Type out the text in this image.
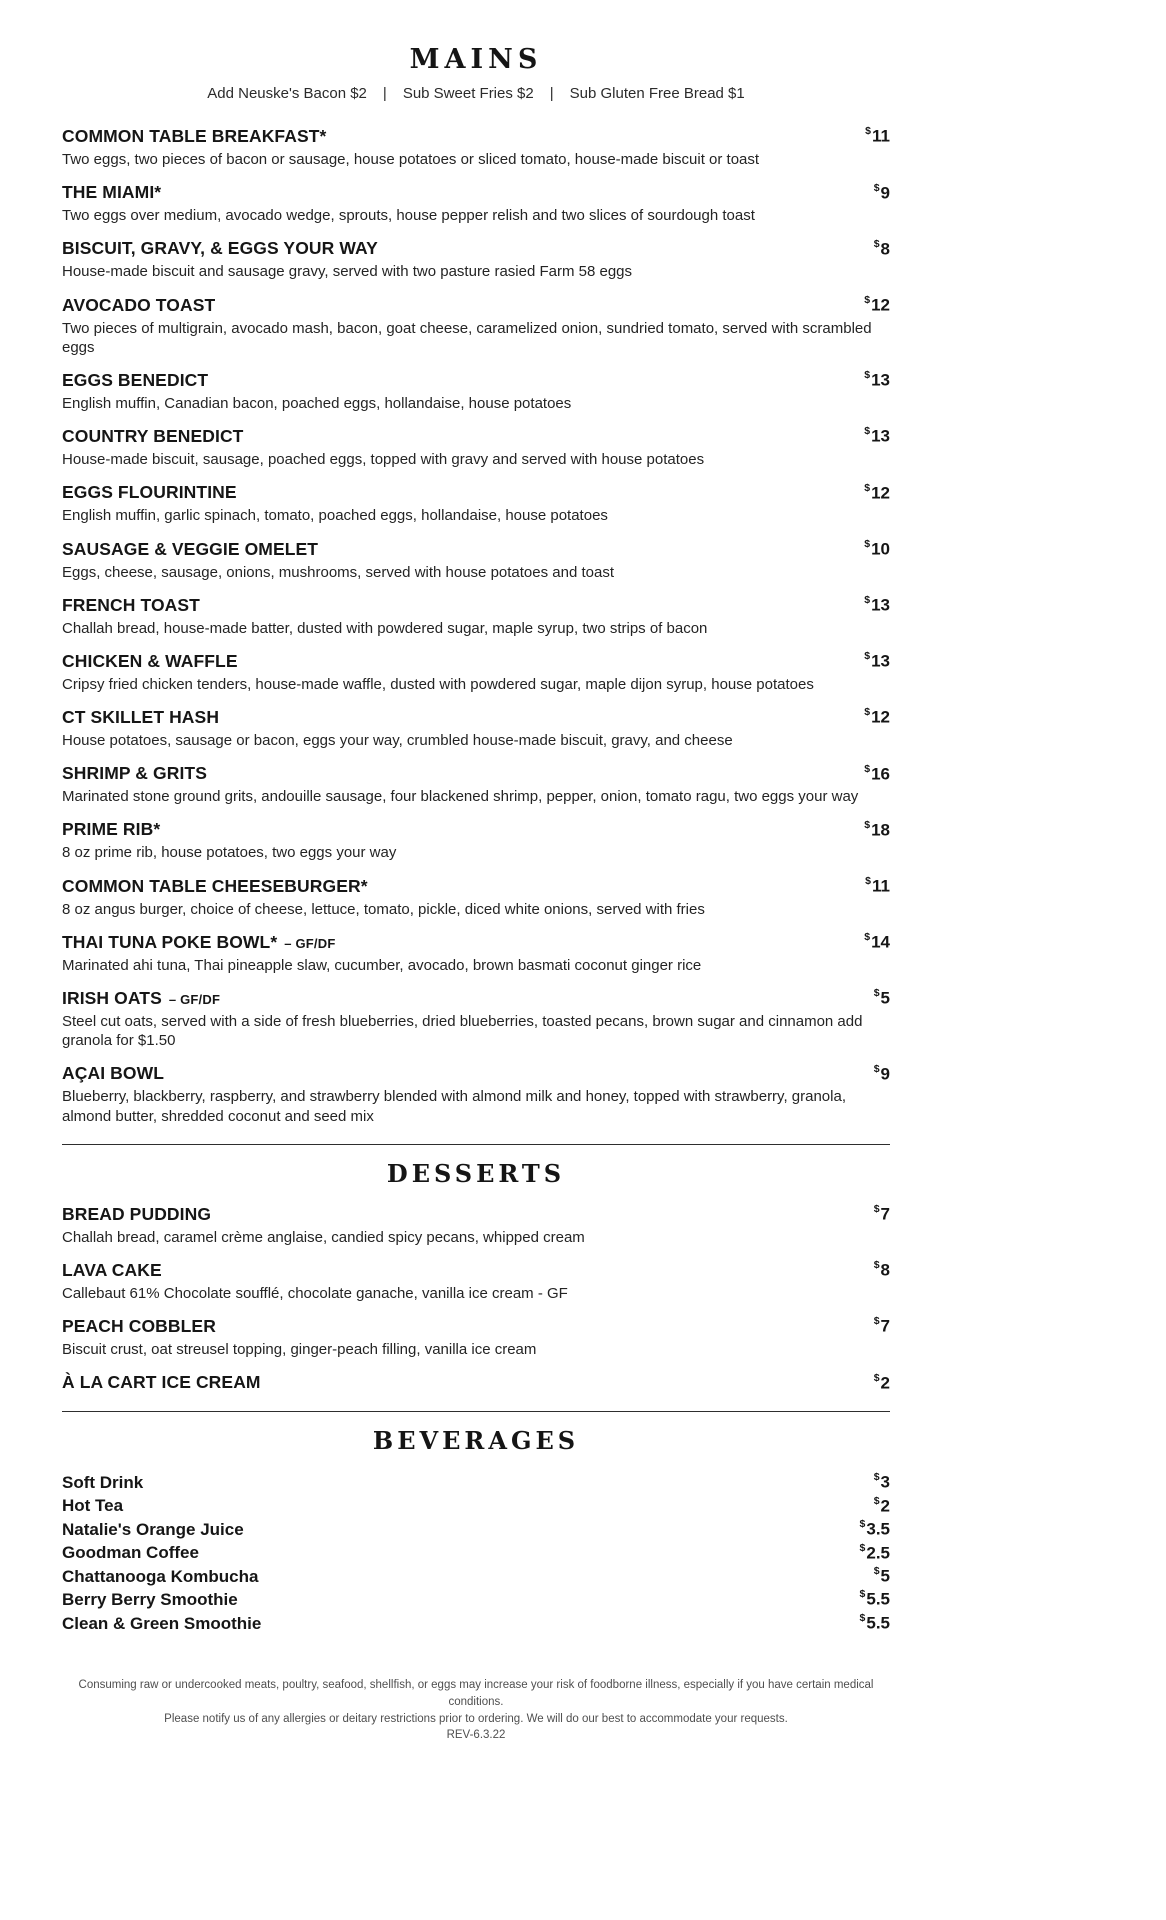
MAINS
Add Neuske's Bacon $2 | Sub Sweet Fries $2 | Sub Gluten Free Bread $1
COMMON TABLE BREAKFAST*	$11
Two eggs, two pieces of bacon or sausage, house potatoes or sliced tomato, house-made biscuit or toast
THE MIAMI*	$9
Two eggs over medium, avocado wedge, sprouts, house pepper relish and two slices of sourdough toast
BISCUIT, GRAVY, & EGGS YOUR WAY	$8
House-made biscuit and sausage gravy, served with two pasture rasied Farm 58 eggs
AVOCADO TOAST	$12
Two pieces of multigrain, avocado mash, bacon, goat cheese, caramelized onion, sundried tomato, served with scrambled eggs
EGGS BENEDICT	$13
English muffin, Canadian bacon, poached eggs, hollandaise, house potatoes
COUNTRY BENEDICT	$13
House-made biscuit, sausage, poached eggs, topped with gravy and served with house potatoes
EGGS FLOURINTINE	$12
English muffin, garlic spinach, tomato, poached eggs, hollandaise, house potatoes
SAUSAGE & VEGGIE OMELET	$10
Eggs, cheese, sausage, onions, mushrooms, served with house potatoes and toast
FRENCH TOAST	$13
Challah bread, house-made batter, dusted with powdered sugar, maple syrup, two strips of bacon
CHICKEN & WAFFLE	$13
Cripsy fried chicken tenders, house-made waffle, dusted with powdered sugar, maple dijon syrup, house potatoes
CT SKILLET HASH	$12
House potatoes, sausage or bacon, eggs your way, crumbled house-made biscuit, gravy, and cheese
SHRIMP & GRITS	$16
Marinated stone ground grits, andouille sausage, four blackened shrimp, pepper, onion, tomato ragu, two eggs your way
PRIME RIB*	$18
8 oz prime rib, house potatoes, two eggs your way
COMMON TABLE CHEESEBURGER*	$11
8 oz angus burger, choice of cheese, lettuce, tomato, pickle, diced white onions, served with fries
THAI TUNA POKE BOWL* – GF/DF	$14
Marinated ahi tuna, Thai pineapple slaw, cucumber, avocado, brown basmati coconut ginger rice
IRISH OATS – GF/DF	$5
Steel cut oats, served with a side of fresh blueberries, dried blueberries, toasted pecans, brown sugar and cinnamon add granola for $1.50
AÇAI BOWL	$9
Blueberry, blackberry, raspberry, and strawberry blended with almond milk and honey, topped with strawberry, granola, almond butter, shredded coconut and seed mix
DESSERTS
BREAD PUDDING	$7
Challah bread, caramel crème anglaise, candied spicy pecans, whipped cream
LAVA CAKE	$8
Callebaut 61% Chocolate soufflé, chocolate ganache, vanilla ice cream - GF
PEACH COBBLER	$7
Biscuit crust, oat streusel topping, ginger-peach filling, vanilla ice cream
À LA CART ICE CREAM	$2
BEVERAGES
Soft Drink	$3
Hot Tea	$2
Natalie's Orange Juice	$3.5
Goodman Coffee	$2.5
Chattanooga Kombucha	$5
Berry Berry Smoothie	$5.5
Clean & Green Smoothie	$5.5
Consuming raw or undercooked meats, poultry, seafood, shellfish, or eggs may increase your risk of foodborne illness, especially if you have certain medical conditions.
Please notify us of any allergies or deitary restrictions prior to ordering. We will do our best to accommodate your requests.
REV-6.3.22
